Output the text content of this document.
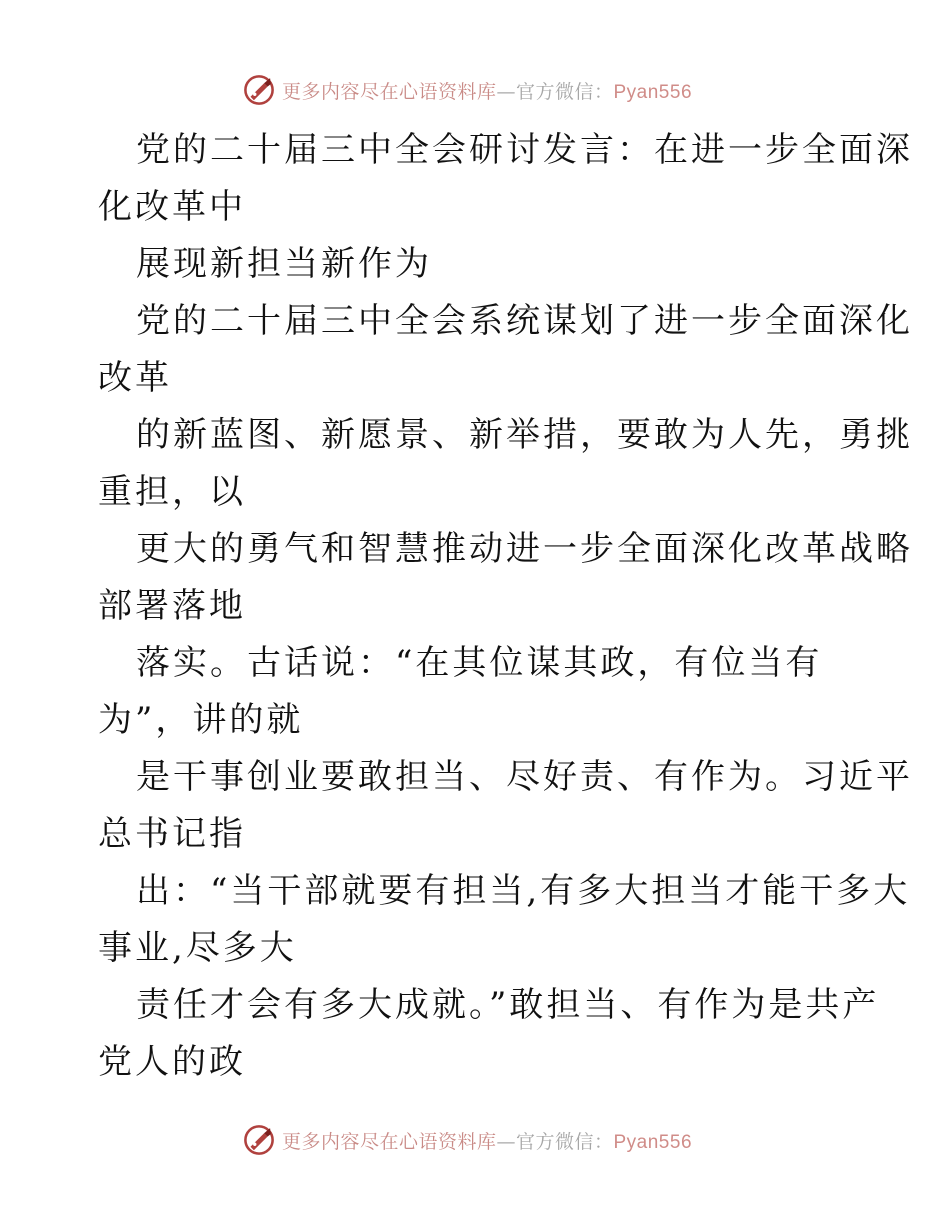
更多内容尽在心语资料库—官方微信：Pyan556

党的二十届三中全会研讨发言：在进一步全面深
化改革中

展现新担当新作为

党的二十届三中全会系统谋划了进一步全面深化
改革

的新蓝图、新愿景、新举措，要敢为人先，勇挑
重担，以

更大的勇气和智慧推动进一步全面深化改革战略
部署落地

落实。古话说：“在其位谋其政，有位当有
为”，讲的就

是干事创业要敢担当、尽好责、有作为。习近平
总书记指

出：“当干部就要有担当,有多大担当才能干多大
事业,尽多大

责任才会有多大成就。”敢担当、有作为是共产
党人的政

更多内容尽在心语资料库—官方微信：Pyan556
